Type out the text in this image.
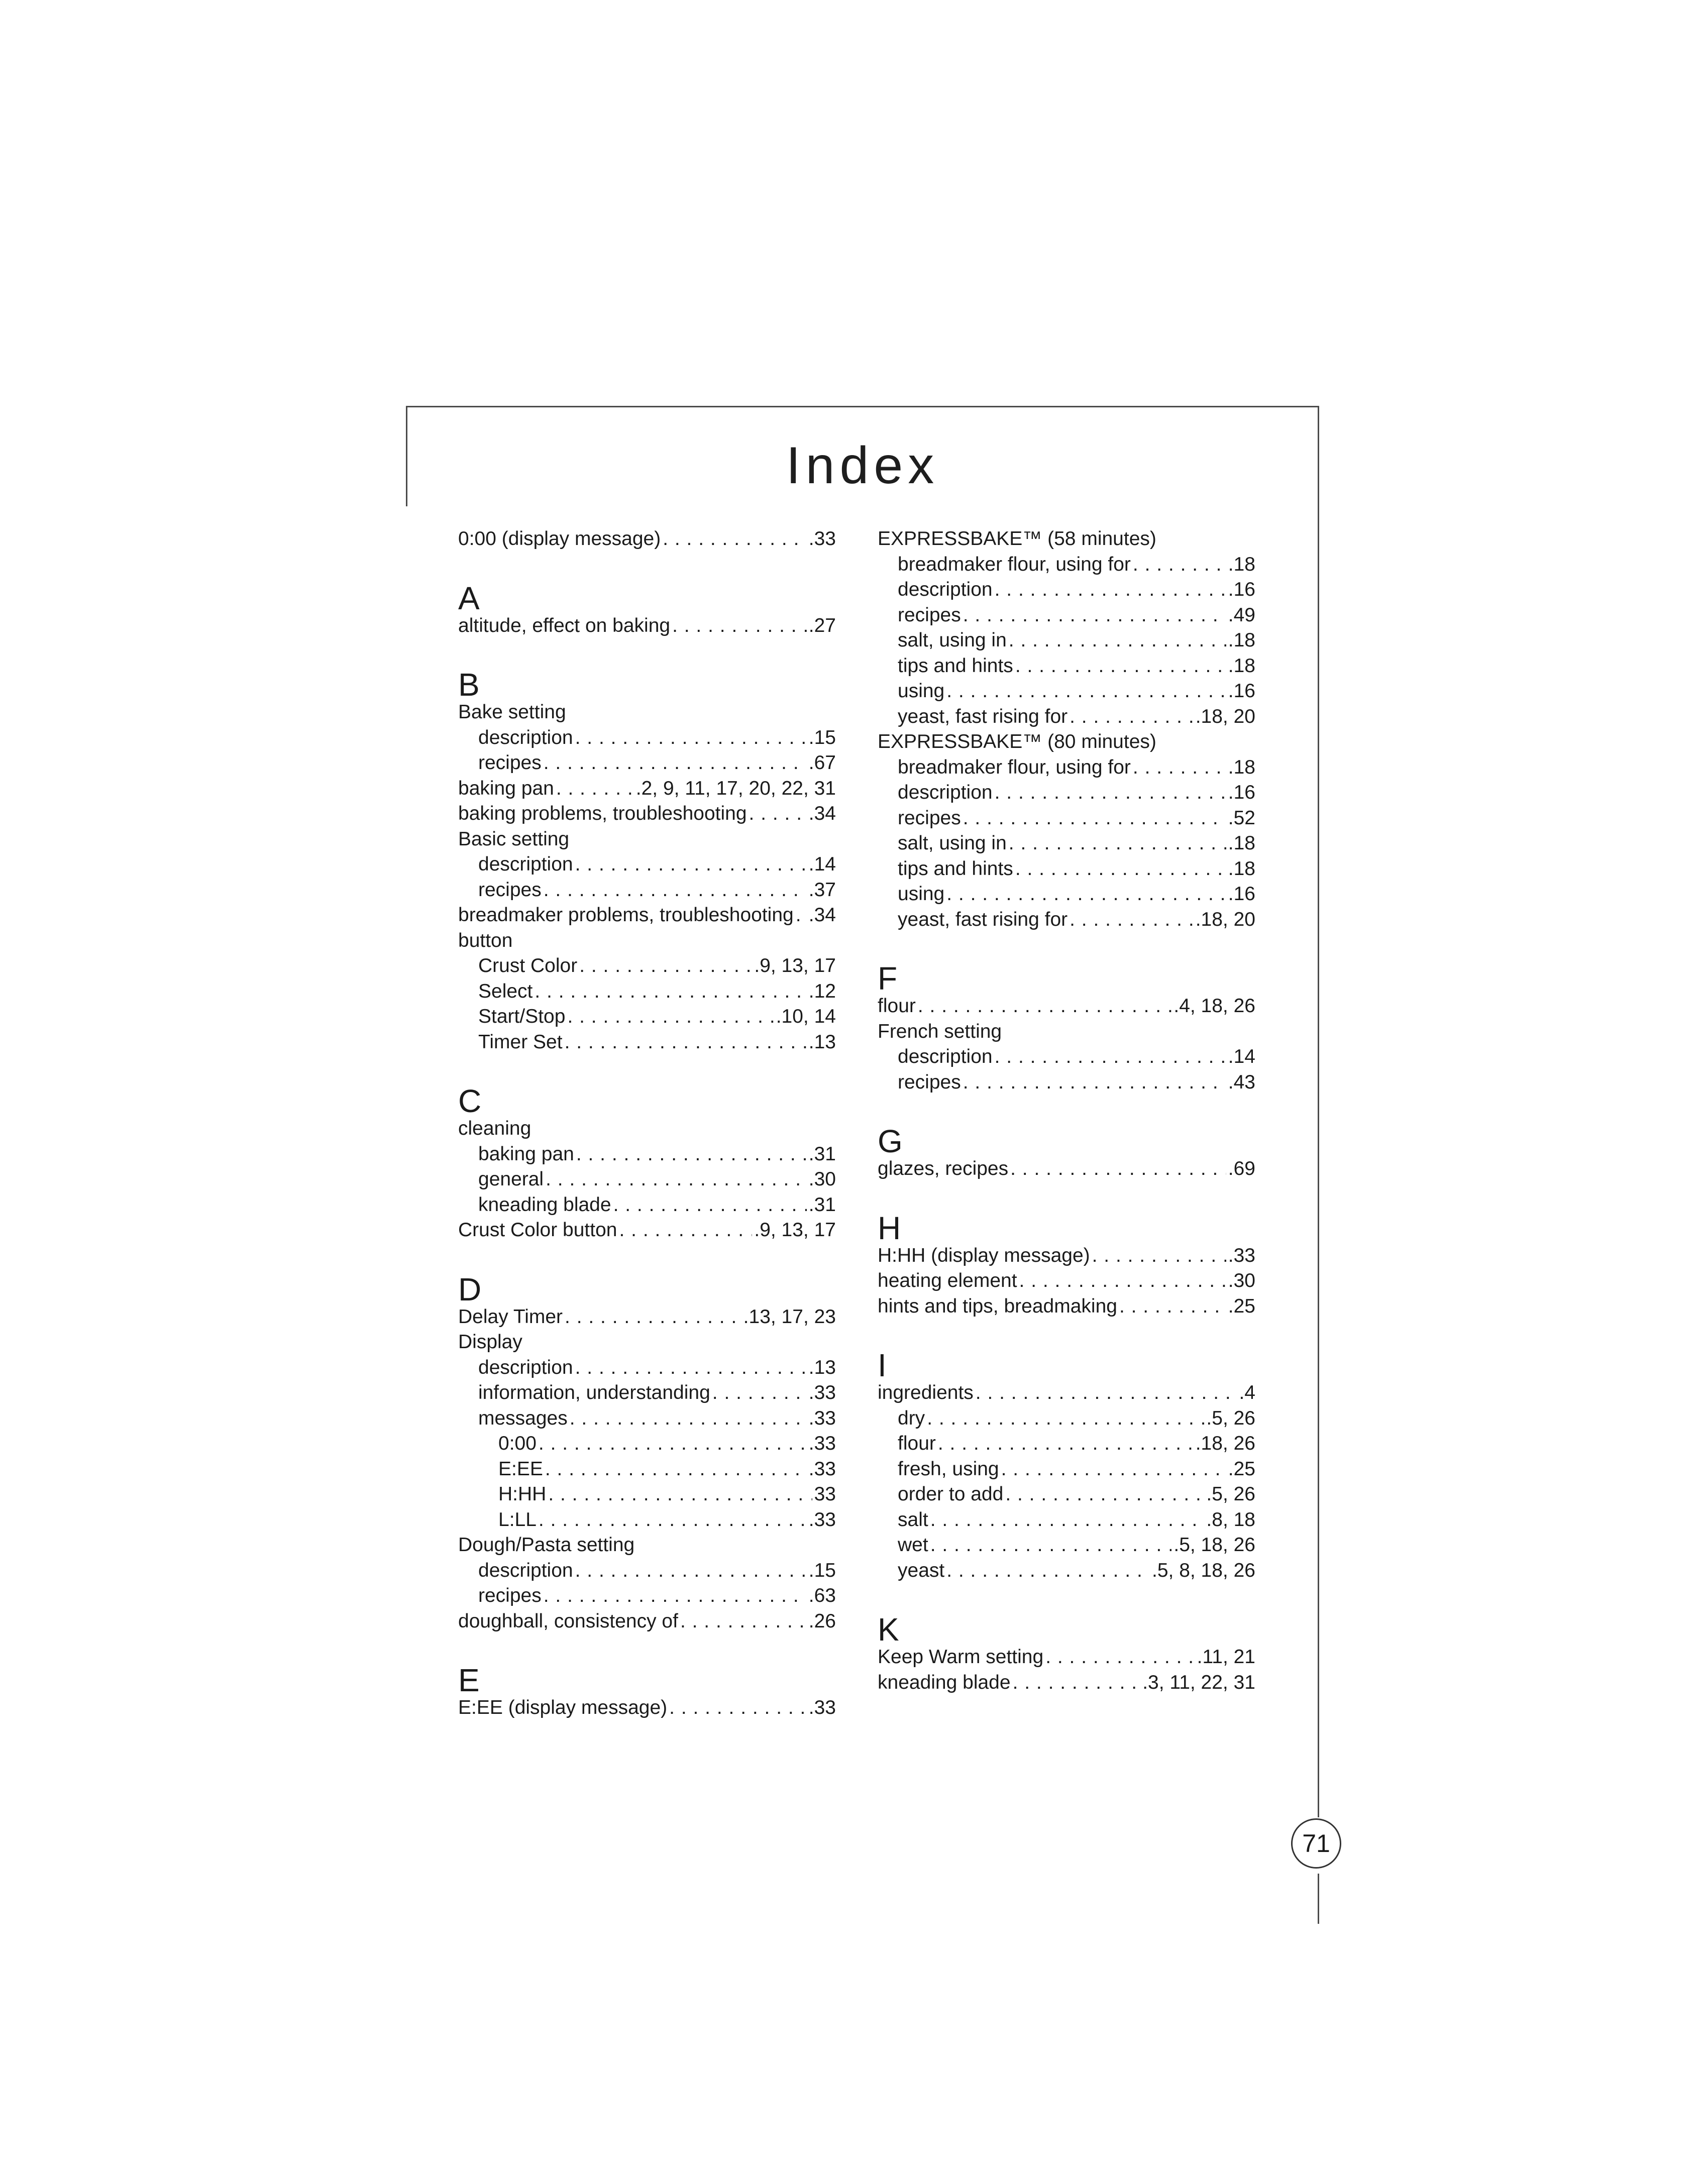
Index
0:00 (display message) . . .	.33
A
altitude, effect on baking . . .	.27
B
Bake setting
description . . .	.15
recipes . . .	.67
baking pan . . .	.2, 9, 11, 17, 20, 22, 31
baking problems, troubleshooting . . .	.34
Basic setting
description . . .	.14
recipes . . .	.37
breadmaker problems, troubleshooting . . . .34
button
Crust Color . . .	.9, 13, 17
Select . . .	.12
Start/Stop . . .	.10, 14
Timer Set . . .	.13
C
cleaning
baking pan . . .	.31
general . . .	.30
kneading blade . . .	.31
Crust Color button . . .	.9, 13, 17
D
Delay Timer . . .	.13, 17, 23
Display
description . . .	.13
information, understanding . . .	.33
messages . . .	.33
0:00 . . .	.33
E:EE . . .	.33
H:HH . . .	33
L:LL . . .	.33
Dough/Pasta setting
description . . .	.15
recipes . . .	.63
doughball, consistency of . . .	.26
E
E:EE (display message) . . .	.33
EXPRESSBAKE™ (58 minutes)
breadmaker flour, using for . . .	.18
description . . .	.16
recipes . . .	.49
salt, using in . . .	.18
tips and hints . . .	.18
using . . .	.16
yeast, fast rising for . . .	.18, 20
EXPRESSBAKE™ (80 minutes)
breadmaker flour, using for . . .	.18
description . . .	.16
recipes . . .	.52
salt, using in . . .	.18
tips and hints . . .	.18
using . . .	.16
yeast, fast rising for . . .	.18, 20
F
flour . . .	.4, 18, 26
French setting
description . . .	.14
recipes . . .	.43
G
glazes, recipes . . .	.69
H
H:HH (display message) . . .	.33
heating element . . .	.30
hints and tips, breadmaking . . .	.25
I
ingredients . . .	.4
dry . . .	.5, 26
flour . . .	.18, 26
fresh, using . . .	.25
order to add . . .	.5, 26
salt . . .	.8, 18
wet . . .	.5, 18, 26
yeast . . .	.5, 8, 18, 26
K
Keep Warm setting . . .	.11, 21
kneading blade . . .	.3, 11, 22, 31
71
